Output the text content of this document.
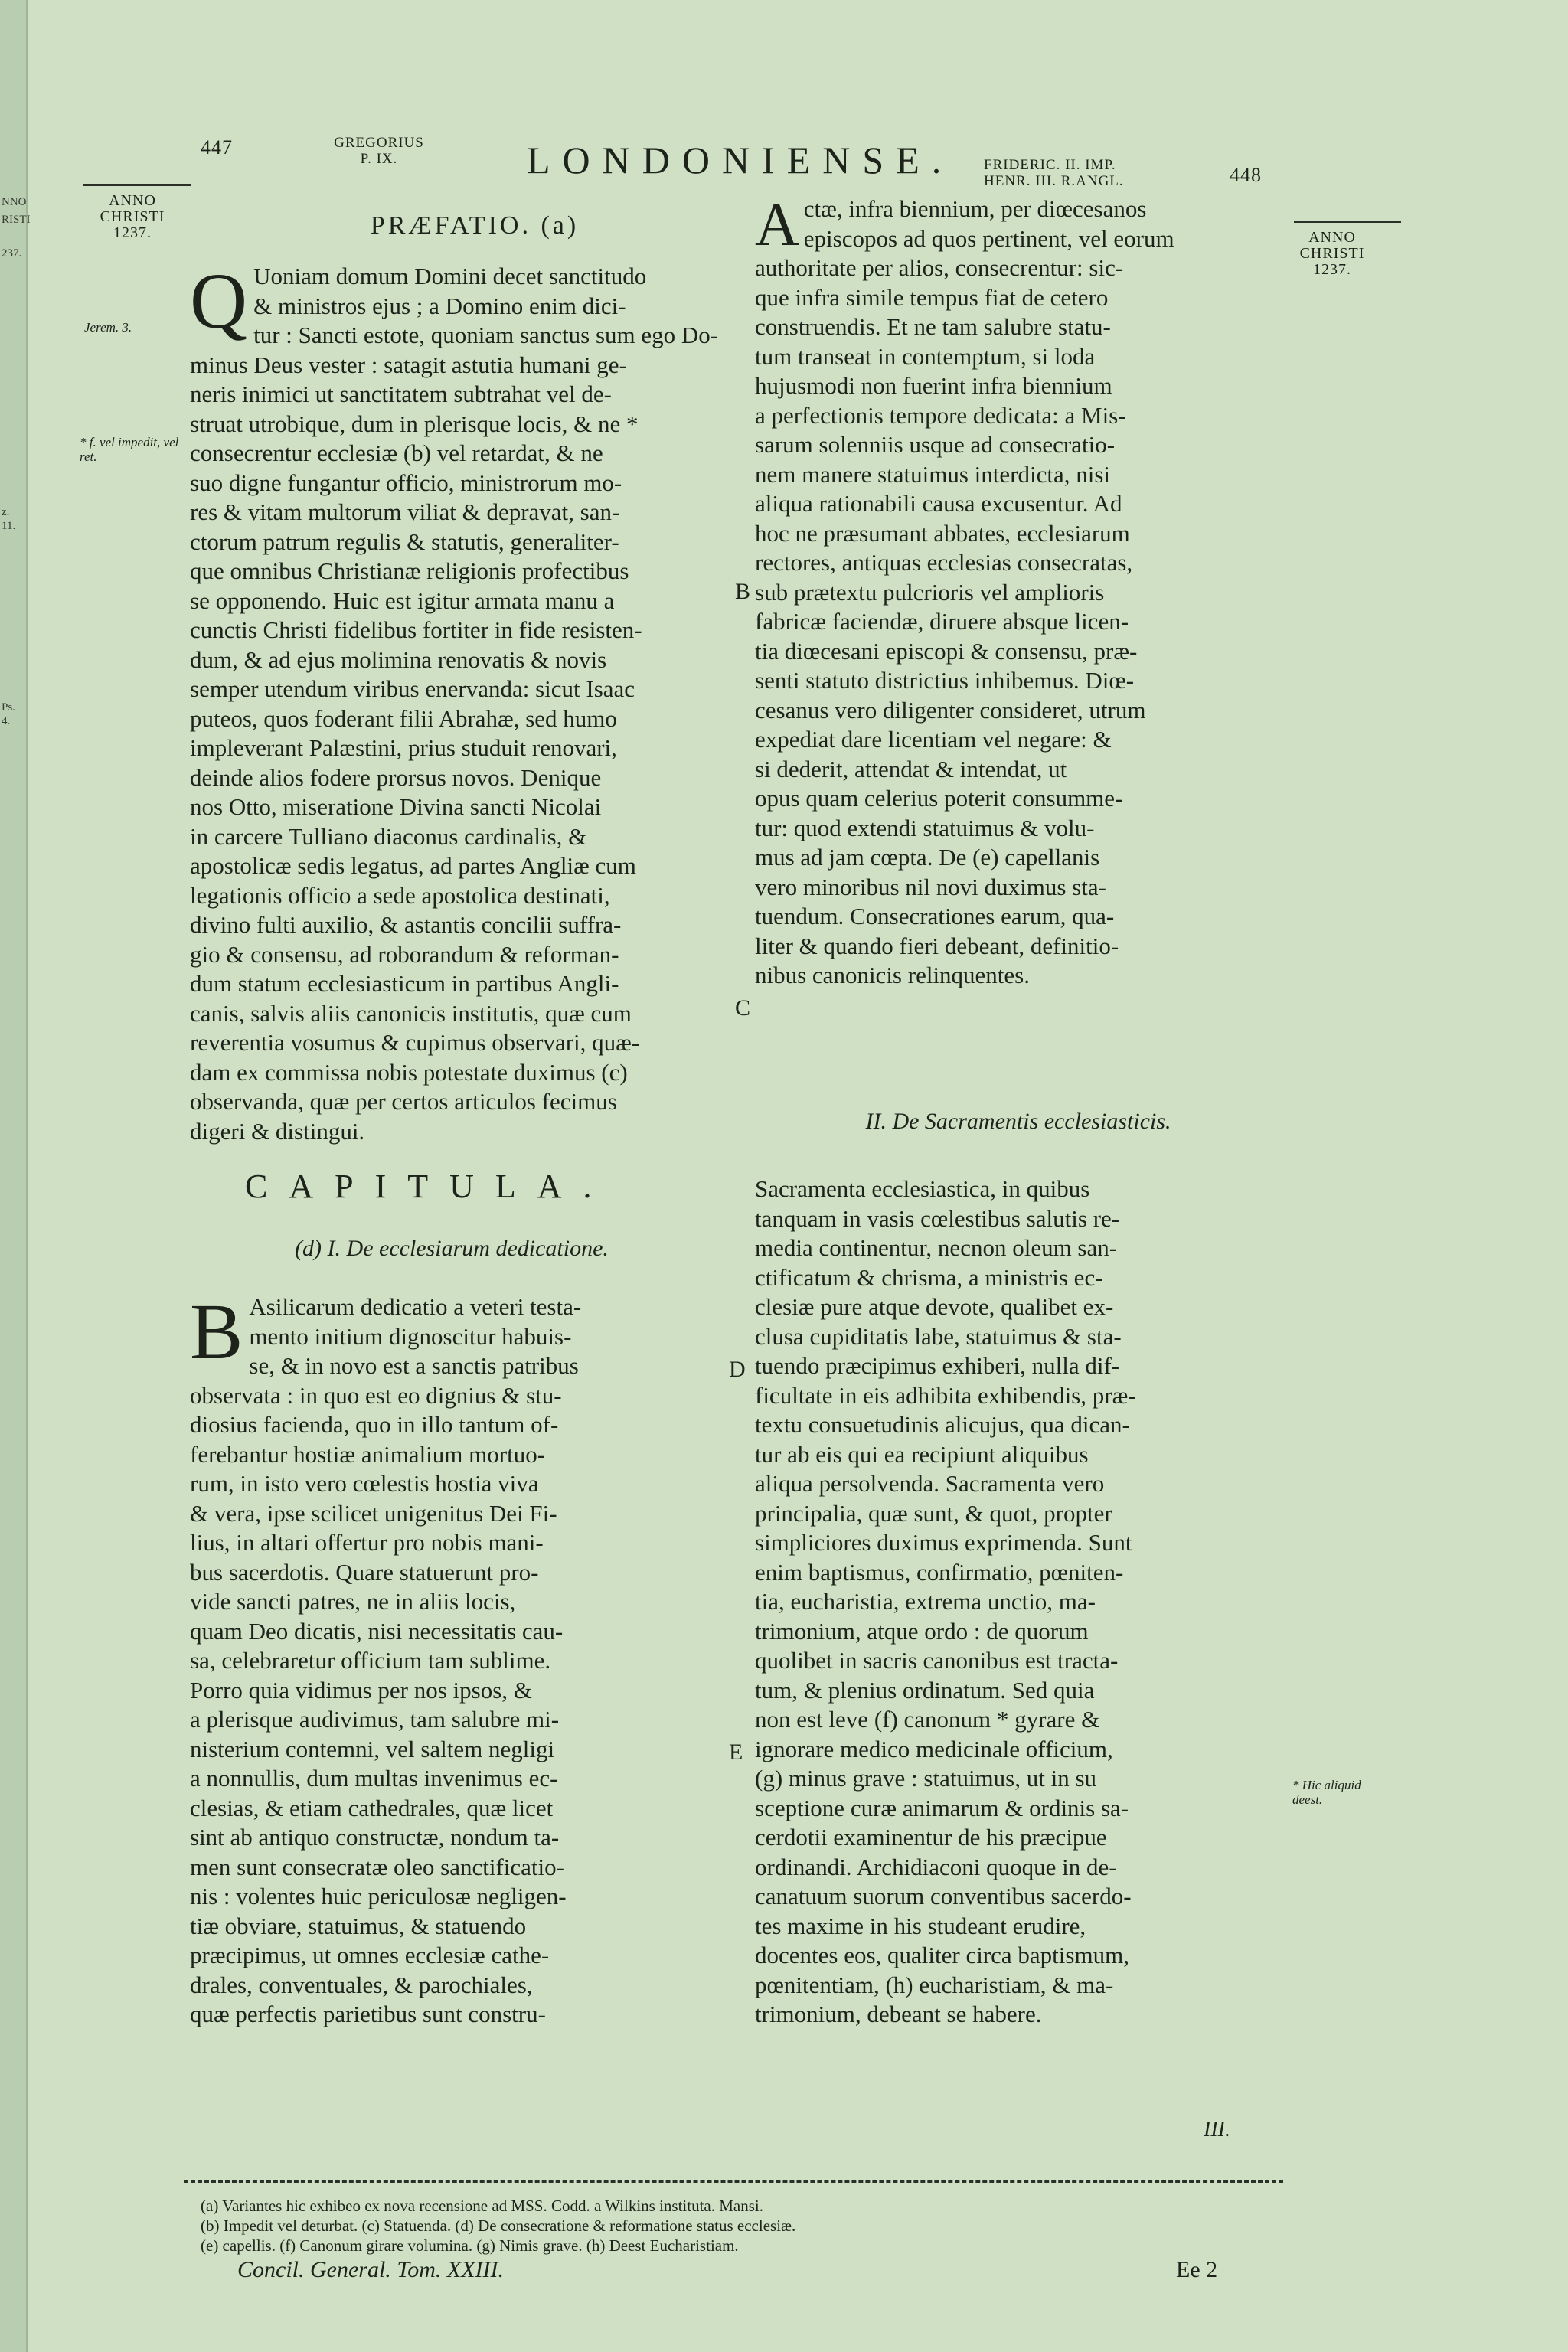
NNO
RISTI
237.
z. 11.
Ps. 4.
447	GREGORIUS
P. IX.	LONDONIENSE. FRIDERIC. II. IMP.
HENR. III. R.ANGL.	448
ANNO
CHRISTI
1237.
Jerem. 3.
* f. vel impedit, vel ret.
ANNO
CHRISTI
1237.
* Hic aliquid deest.
B
C
D
E
PRÆFATIO. (a)
Q Uoniam domum Domini decet sanctitudo
& ministros ejus ; a Domino enim dici-
tur : Sancti estote, quoniam sanctus sum ego Do-
minus Deus vester : satagit astutia humani ge-
neris inimici ut sanctitatem subtrahat vel de-
struat utrobique, dum in plerisque locis, & ne *
consecrentur ecclesiæ (b) vel retardat, & ne
suo digne fungantur officio, ministrorum mo-
res & vitam multorum viliat & depravat, san-
ctorum patrum regulis & statutis, generaliter-
que omnibus Christianæ religionis profectibus
se opponendo. Huic est igitur armata manu a
cunctis Christi fidelibus fortiter in fide resisten-
dum, & ad ejus molimina renovatis & novis
semper utendum viribus enervanda: sicut Isaac
puteos, quos foderant filii Abrahæ, sed humo
impleverant Palæstini, prius studuit renovari,
deinde alios fodere prorsus novos. Denique
nos Otto, miseratione Divina sancti Nicolai
in carcere Tulliano diaconus cardinalis, &
apostolicæ sedis legatus, ad partes Angliæ cum
legationis officio a sede apostolica destinati,
divino fulti auxilio, & astantis concilii suffra-
gio & consensu, ad roborandum & reforman-
dum statum ecclesiasticum in partibus Angli-
canis, salvis aliis canonicis institutis, quæ cum
reverentia vosumus & cupimus observari, quæ-
dam ex commissa nobis potestate duximus (c)
observanda, quæ per certos articulos fecimus
digeri & distingui.
CAPITULA.
(d) I. De ecclesiarum dedicatione.
B Asilicarum dedicatio a veteri testa-
mento initium dignoscitur habuis-
se, & in novo est a sanctis patribus
observata : in quo est eo dignius & stu-
diosius facienda, quo in illo tantum of-
ferebantur hostiæ animalium mortuo-
rum, in isto vero cœlestis hostia viva
& vera, ipse scilicet unigenitus Dei Fi-
lius, in altari offertur pro nobis mani-
bus sacerdotis. Quare statuerunt pro-
vide sancti patres, ne in aliis locis,
quam Deo dicatis, nisi necessitatis cau-
sa, celebraretur officium tam sublime.
Porro quia vidimus per nos ipsos, &
a plerisque audivimus, tam salubre mi-
nisterium contemni, vel saltem negligi
a nonnullis, dum multas invenimus ec-
clesias, & etiam cathedrales, quæ licet
sint ab antiquo constructæ, nondum ta-
men sunt consecratæ oleo sanctificatio-
nis : volentes huic periculosæ negligen-
tiæ obviare, statuimus, & statuendo
præcipimus, ut omnes ecclesiæ cathe-
drales, conventuales, & parochiales,
quæ perfectis parietibus sunt constru-
A ctæ, infra biennium, per diœcesanos
episcopos ad quos pertinent, vel eorum
authoritate per alios, consecrentur: sic-
que infra simile tempus fiat de cetero
construendis. Et ne tam salubre statu-
tum transeat in contemptum, si loda
hujusmodi non fuerint infra biennium
a perfectionis tempore dedicata: a Mis-
sarum solenniis usque ad consecratio-
nem manere statuimus interdicta, nisi
aliqua rationabili causa excusentur. Ad
hoc ne præsumant abbates, ecclesiarum
rectores, antiquas ecclesias consecratas,
sub prætextu pulcrioris vel amplioris
fabricæ faciendæ, diruere absque licen-
tia diœcesani episcopi & consensu, præ-
senti statuto districtius inhibemus. Diœ-
cesanus vero diligenter consideret, utrum
expediat dare licentiam vel negare: &
si dederit, attendat & intendat, ut
opus quam celerius poterit consumme-
tur: quod extendi statuimus & volu-
mus ad jam cœpta. De (e) capellanis
vero minoribus nil novi duximus sta-
tuendum. Consecrationes earum, qua-
liter & quando fieri debeant, definitio-
nibus canonicis relinquentes.
II. De Sacramentis ecclesiasticis.
Sacramenta ecclesiastica, in quibus
tanquam in vasis cœlestibus salutis re-
media continentur, necnon oleum san-
ctificatum & chrisma, a ministris ec-
clesiæ pure atque devote, qualibet ex-
clusa cupiditatis labe, statuimus & sta-
tuendo præcipimus exhiberi, nulla dif-
ficultate in eis adhibita exhibendis, præ-
textu consuetudinis alicujus, qua dican-
tur ab eis qui ea recipiunt aliquibus
aliqua persolvenda. Sacramenta vero
principalia, quæ sunt, & quot, propter
simpliciores duximus exprimenda. Sunt
enim baptismus, confirmatio, pœniten-
tia, eucharistia, extrema unctio, ma-
trimonium, atque ordo : de quorum
quolibet in sacris canonibus est tracta-
tum, & plenius ordinatum. Sed quia
non est leve (f) canonum * gyrare &
ignorare medico medicinale officium,
(g) minus grave : statuimus, ut in su
sceptione curæ animarum & ordinis sa-
cerdotii examinentur de his præcipue
ordinandi. Archidiaconi quoque in de-
canatuum suorum conventibus sacerdo-
tes maxime in his studeant erudire,
docentes eos, qualiter circa baptismum,
pœnitentiam, (h) eucharistiam, & ma-
trimonium, debeant se habere.
III.
(a) Variantes hic exhibeo ex nova recensione ad MSS. Codd. a Wilkins instituta. Mansi.
(b) Impedit vel deturbat. (c) Statuenda. (d) De consecratione & reformatione status ecclesiæ.
(e) capellis. (f) Canonum girare volumina. (g) Nimis grave. (h) Deest Eucharistiam.
Concil. General. Tom. XXIII.	Ee 2
